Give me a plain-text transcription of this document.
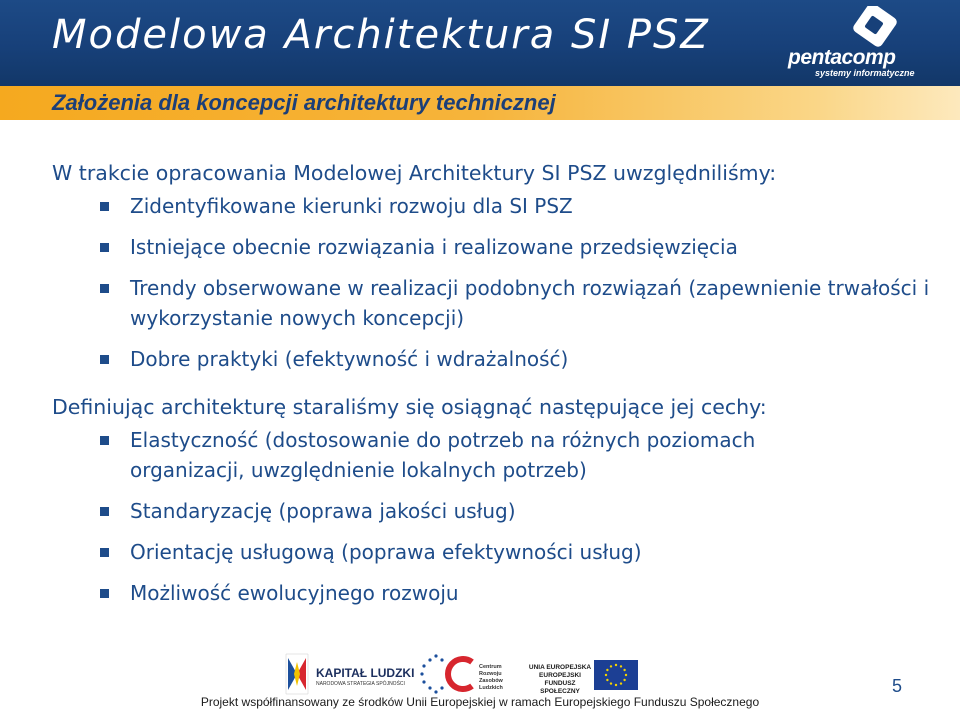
Modelowa Architektura SI PSZ	pentacomp
systemy informatyczne
Założenia dla koncepcji architektury technicznej
W trakcie opracowania Modelowej Architektury SI PSZ uwzględniliśmy:
Zidentyfikowane kierunki rozwoju dla SI PSZ
Istniejące obecnie rozwiązania i realizowane przedsięwzięcia
Trendy obserwowane w realizacji podobnych rozwiązań (zapewnienie trwałości i wykorzystanie nowych koncepcji)
Dobre praktyki (efektywność i wdrażalność)
Definiując architekturę staraliśmy się osiągnąć następujące jej cechy:
Elastyczność (dostosowanie do potrzeb na różnych poziomach organizacji, uwzględnienie lokalnych potrzeb)
Standaryzację (poprawa jakości usług)
Orientację usługową (poprawa efektywności usług)
Możliwość ewolucyjnego rozwoju
KAPITAŁ LUDZKI
NARODOWA STRATEGIA SPÓJNOŚCI
Centrum Rozwoju Zasobów Ludzkich
UNIA EUROPEJSKA EUROPEJSKI FUNDUSZ SPOŁECZNY	5
Projekt współfinansowany ze środków Unii Europejskiej w ramach Europejskiego Funduszu Społecznego
